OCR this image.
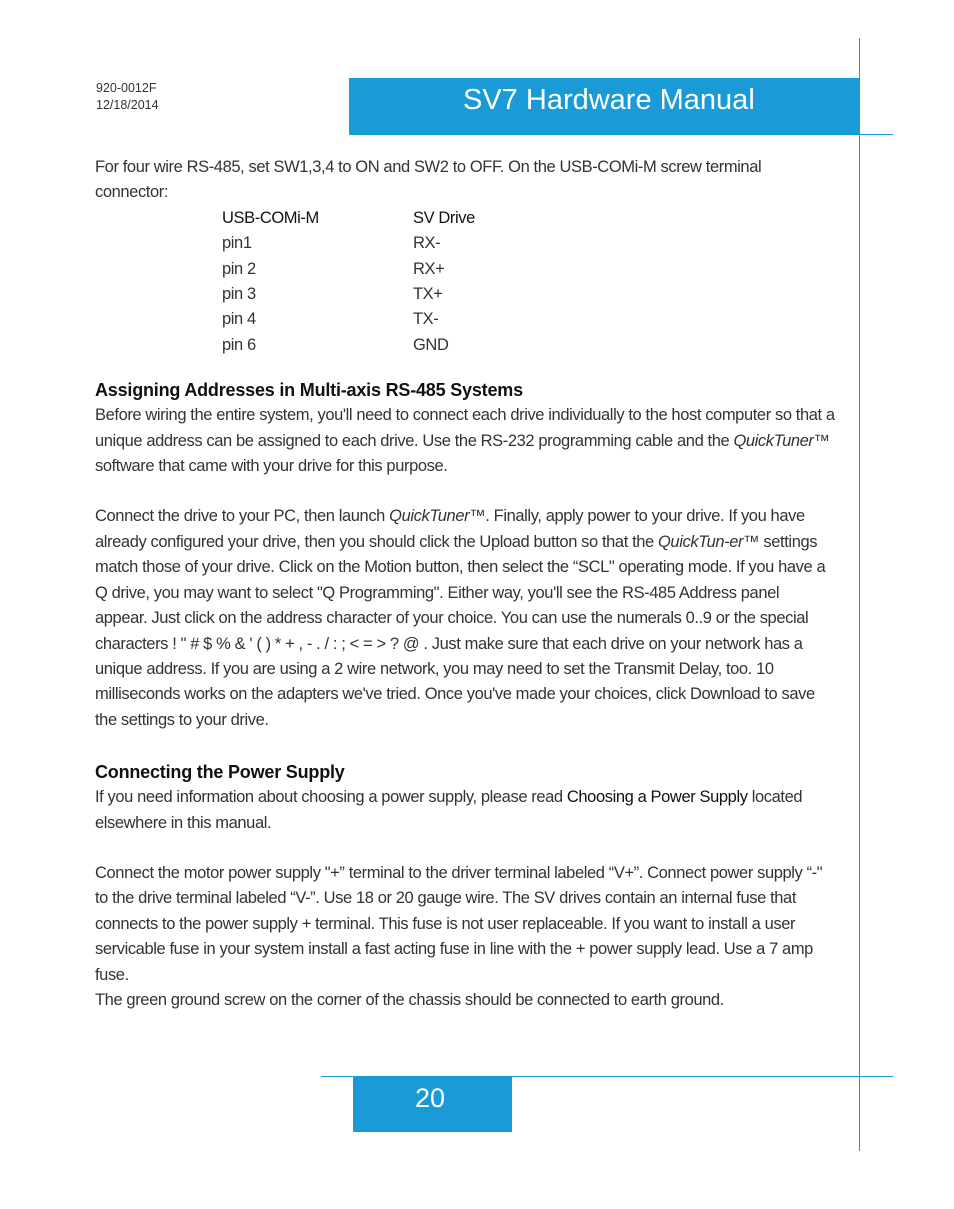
920-0012F
12/18/2014	SV7 Hardware Manual

For four wire RS-485, set SW1,3,4 to ON and SW2 to OFF. On the USB-COMi-M screw terminal connector:

USB-COMi-M	SV Drive
pin1	RX-
pin 2	RX+
pin 3	TX+
pin 4	TX-
pin 6	GND
Assigning Addresses in Multi-axis RS-485 Systems

Before wiring the entire system, you'll need to connect each drive individually to the host computer so that a unique address can be assigned to each drive. Use the RS-232 programming cable and the QuickTuner™ software that came with your drive for this purpose.

Connect the drive to your PC, then launch QuickTuner™. Finally, apply power to your drive. If you have already configured your drive, then you should click the Upload button so that the QuickTun-er™ settings match those of your drive. Click on the Motion button, then select the “SCL" operating mode. If you have a Q drive, you may want to select "Q Programming". Either way, you'll see the RS-485 Address panel appear. Just click on the address character of your choice. You can use the numerals 0..9 or the special characters ! " # $ % & ' ( ) * + , - . / : ; < = > ? @ . Just make sure that each drive on your network has a unique address. If you are using a 2 wire network, you may need to set the Transmit Delay, too. 10 milliseconds works on the adapters we've tried. Once you've made your choices, click Download to save the settings to your drive.

Connecting the Power Supply

If you need information about choosing a power supply, please read Choosing a Power Supply located elsewhere in this manual.

Connect the motor power supply "+” terminal to the driver terminal labeled “V+”. Connect power supply “-" to the drive terminal labeled “V-”. Use 18 or 20 gauge wire. The SV drives contain an internal fuse that connects to the power supply + terminal. This fuse is not user replaceable. If you want to install a user servicable fuse in your system install a fast acting fuse in line with the + power supply lead. Use a 7 amp fuse.

The green ground screw on the corner of the chassis should be connected to earth ground.

20
